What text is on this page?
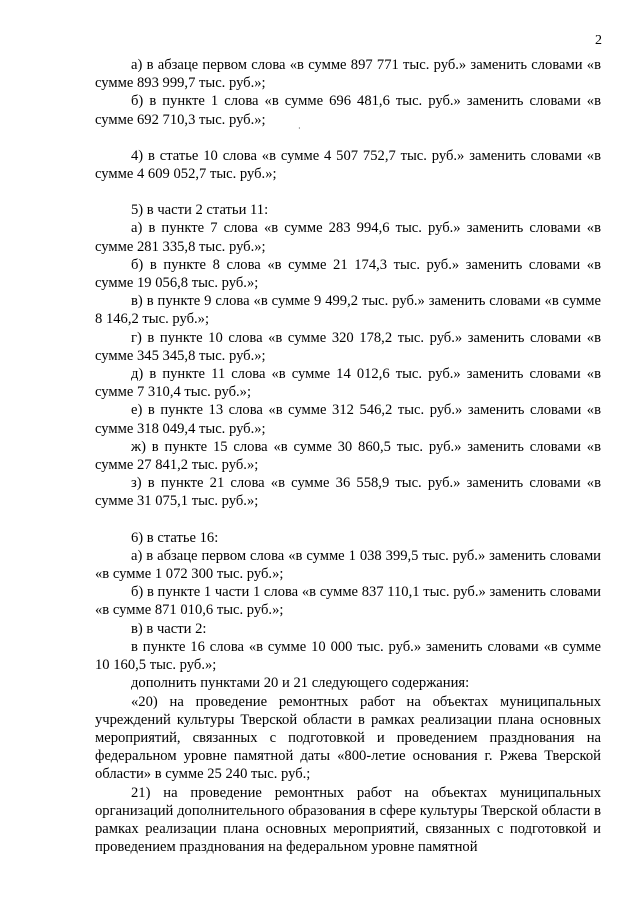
2
·

а) в абзаце первом слова «в сумме 897 771 тыс. руб.» заменить словами «в сумме 893 999,7 тыс. руб.»;

б) в пункте 1 слова «в сумме 696 481,6 тыс. руб.» заменить словами «в сумме 692 710,3 тыс. руб.»;

4) в статье 10 слова «в сумме 4 507 752,7 тыс. руб.» заменить словами «в сумме 4 609 052,7 тыс. руб.»;

5) в части 2 статьи 11:

а) в пункте 7 слова «в сумме 283 994,6 тыс. руб.» заменить словами «в сумме 281 335,8 тыс. руб.»;

б) в пункте 8 слова «в сумме 21 174,3 тыс. руб.» заменить словами «в сумме 19 056,8 тыс. руб.»;

в) в пункте 9 слова «в сумме 9 499,2 тыс. руб.» заменить словами «в сумме 8 146,2 тыс. руб.»;

г) в пункте 10 слова «в сумме 320 178,2 тыс. руб.» заменить словами «в сумме 345 345,8 тыс. руб.»;

д) в пункте 11 слова «в сумме 14 012,6 тыс. руб.» заменить словами «в сумме 7 310,4 тыс. руб.»;

е) в пункте 13 слова «в сумме 312 546,2 тыс. руб.» заменить словами «в сумме 318 049,4 тыс. руб.»;

ж) в пункте 15 слова «в сумме 30 860,5 тыс. руб.» заменить словами «в сумме 27 841,2 тыс. руб.»;

з) в пункте 21 слова «в сумме 36 558,9 тыс. руб.» заменить словами «в сумме 31 075,1 тыс. руб.»;

6) в статье 16:

а) в абзаце первом слова «в сумме 1 038 399,5 тыс. руб.» заменить словами «в сумме 1 072 300 тыс. руб.»;

б) в пункте 1 части 1 слова «в сумме 837 110,1 тыс. руб.» заменить словами «в сумме 871 010,6 тыс. руб.»;

в) в части 2:

в пункте 16 слова «в сумме 10 000 тыс. руб.» заменить словами «в сумме 10 160,5 тыс. руб.»;

дополнить пунктами 20 и 21 следующего содержания:

«20) на проведение ремонтных работ на объектах муниципальных учреждений культуры Тверской области в рамках реализации плана основных мероприятий, связанных с подготовкой и проведением празднования на федеральном уровне памятной даты «800-летие основания г. Ржева Тверской области» в сумме 25 240 тыс. руб.;

21) на проведение ремонтных работ на объектах муниципальных организаций дополнительного образования в сфере культуры Тверской области в рамках реализации плана основных мероприятий, связанных с подготовкой и проведением празднования на федеральном уровне памятной
